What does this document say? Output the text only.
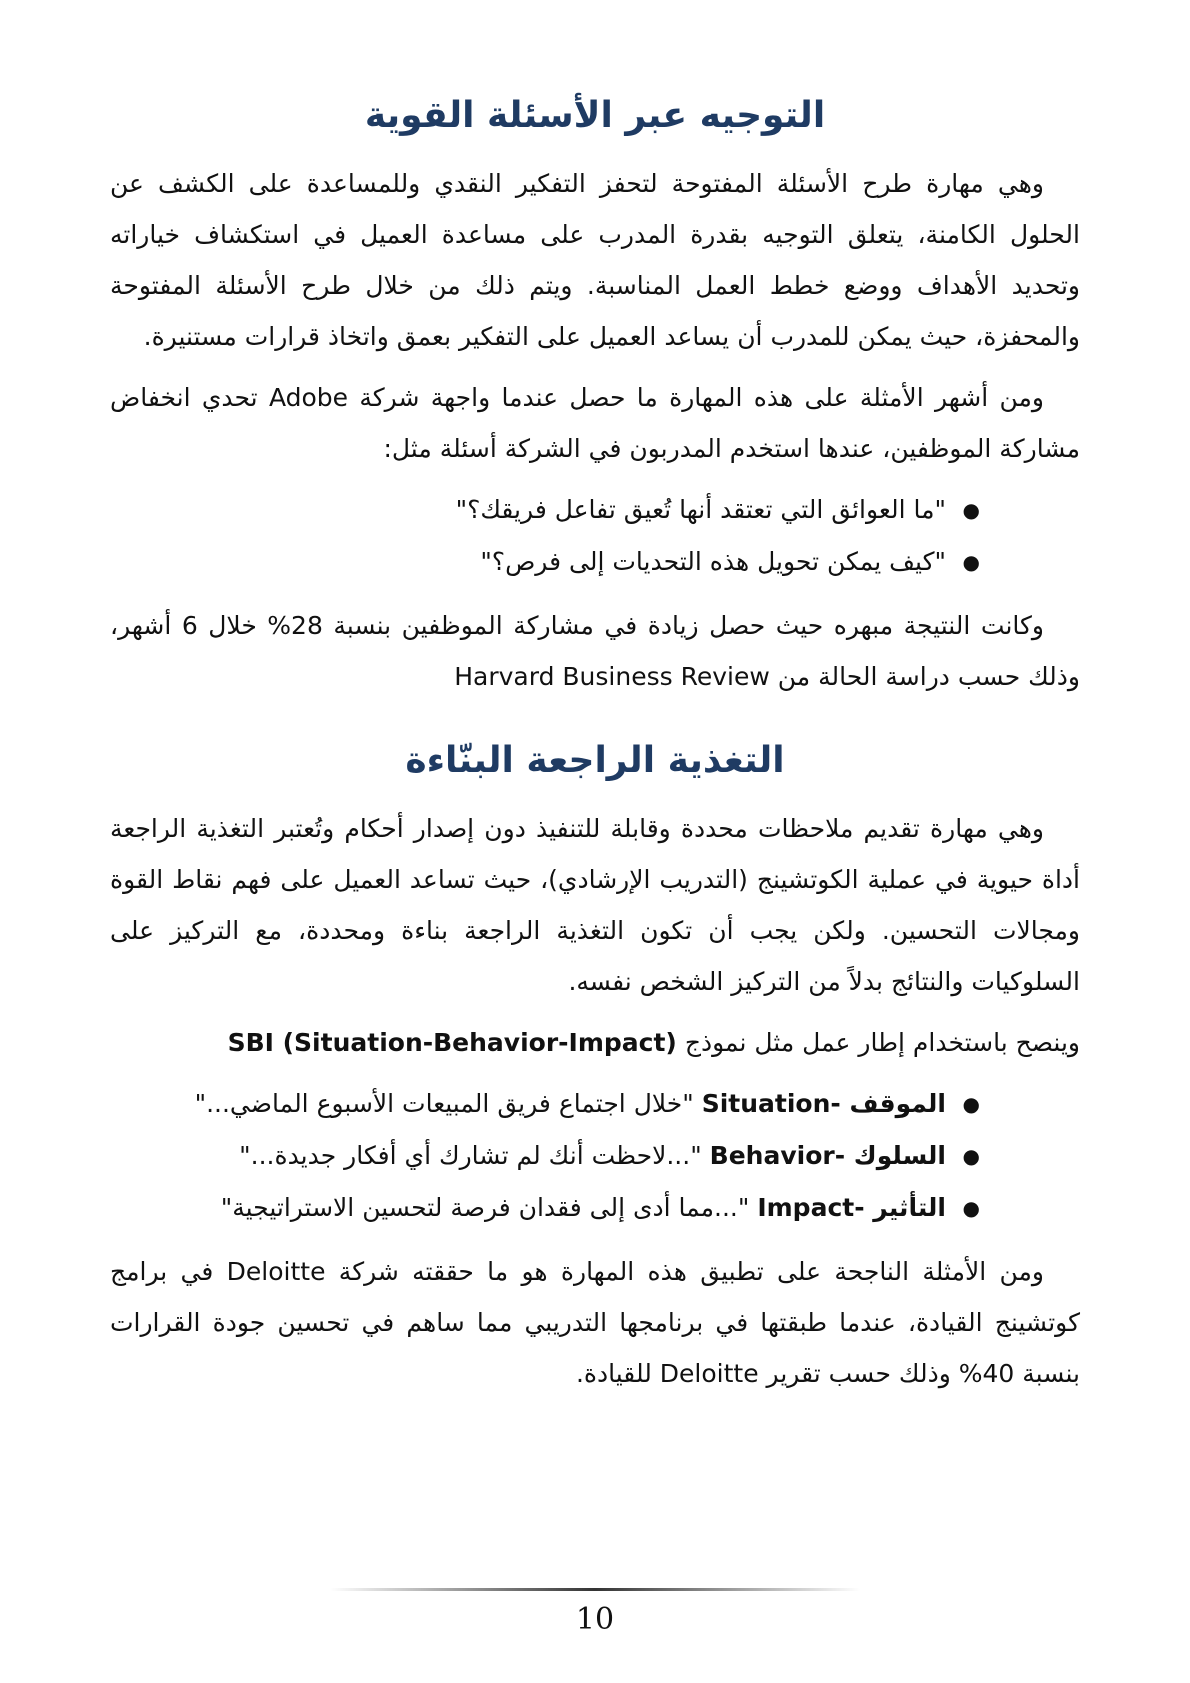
التوجيه عبر الأسئلة القوية

وهي مهارة طرح الأسئلة المفتوحة لتحفز التفكير النقدي وللمساعدة على الكشف عن الحلول الكامنة، يتعلق التوجيه بقدرة المدرب على مساعدة العميل في استكشاف خياراته وتحديد الأهداف ووضع خطط العمل المناسبة. ويتم ذلك من خلال طرح الأسئلة المفتوحة والمحفزة، حيث يمكن للمدرب أن يساعد العميل على التفكير بعمق واتخاذ قرارات مستنيرة.

ومن أشهر الأمثلة على هذه المهارة ما حصل عندما واجهة شركة Adobe تحدي انخفاض مشاركة الموظفين، عندها استخدم المدربون في الشركة أسئلة مثل:

●
"ما العوائق التي تعتقد أنها تُعيق تفاعل فريقك؟"
●
"كيف يمكن تحويل هذه التحديات إلى فرص؟"

وكانت النتيجة مبهره حيث حصل زيادة في مشاركة الموظفين بنسبة 28% خلال 6 أشهر، وذلك حسب دراسة الحالة من Harvard Business Review

التغذية الراجعة البنّاءة

وهي مهارة تقديم ملاحظات محددة وقابلة للتنفيذ دون إصدار أحكام وتُعتبر التغذية الراجعة أداة حيوية في عملية الكوتشينج (التدريب الإرشادي)، حيث تساعد العميل على فهم نقاط القوة ومجالات التحسين. ولكن يجب أن تكون التغذية الراجعة بناءة ومحددة، مع التركيز على السلوكيات والنتائج بدلاً من التركيز الشخص نفسه.

وينصح باستخدام إطار عمل مثل نموذج SBI (Situation-Behavior-Impact)

●
الموقف -Situation "خلال اجتماع فريق المبيعات الأسبوع الماضي..."
●
السلوك -Behavior "...لاحظت أنك لم تشارك أي أفكار جديدة..."
●
التأثير -Impact "...مما أدى إلى فقدان فرصة لتحسين الاستراتيجية"

ومن الأمثلة الناجحة على تطبيق هذه المهارة هو ما حققته شركة Deloitte في برامج كوتشينج القيادة، عندما طبقتها في برنامجها التدريبي مما ساهم في تحسين جودة القرارات بنسبة 40% وذلك حسب تقرير Deloitte للقيادة.

10
